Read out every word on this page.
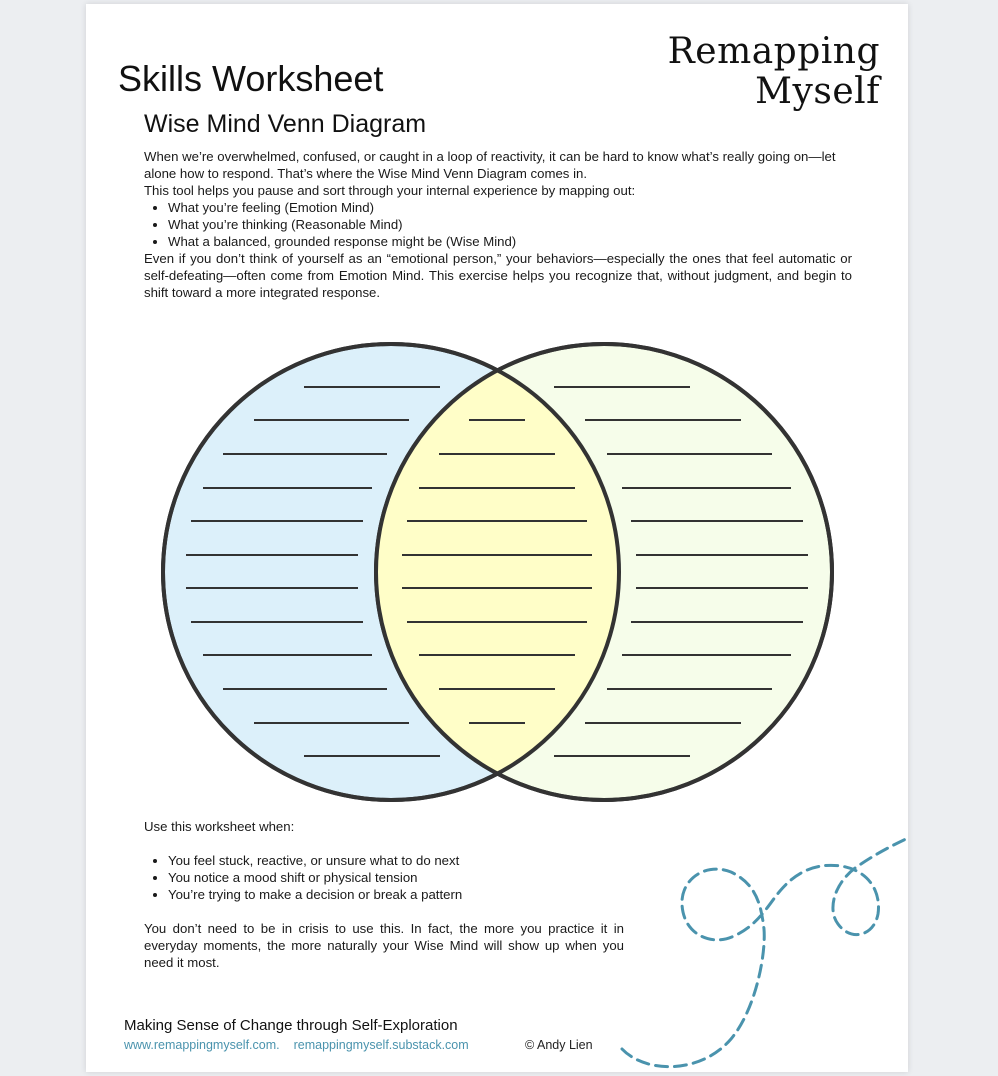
Skills Worksheet
Remapping
Myself
Wise Mind Venn Diagram

When we’re overwhelmed, confused, or caught in a loop of reactivity, it can be hard to know what’s really going on—let alone how to respond. That’s where the Wise Mind Venn Diagram comes in.

This tool helps you pause and sort through your internal experience by mapping out:

• What you’re feeling (Emotion Mind)
• What you’re thinking (Reasonable Mind)
• What a balanced, grounded response might be (Wise Mind)

Even if you don’t think of yourself as an “emotional person,” your behaviors—especially the ones that feel automatic or self-defeating—often come from Emotion Mind. This exercise helps you recognize that, without judgment, and begin to shift toward a more integrated response.

Use this worksheet when:

• You feel stuck, reactive, or unsure what to do next
• You notice a mood shift or physical tension
• You’re trying to make a decision or break a pattern

You don’t need to be in crisis to use this. In fact, the more you practice it in everyday moments, the more naturally your Wise Mind will show up when you need it most.

Making Sense of Change through Self-Exploration
www.remappingmyself.com. remappingmyself.substack.com	© Andy Lien
